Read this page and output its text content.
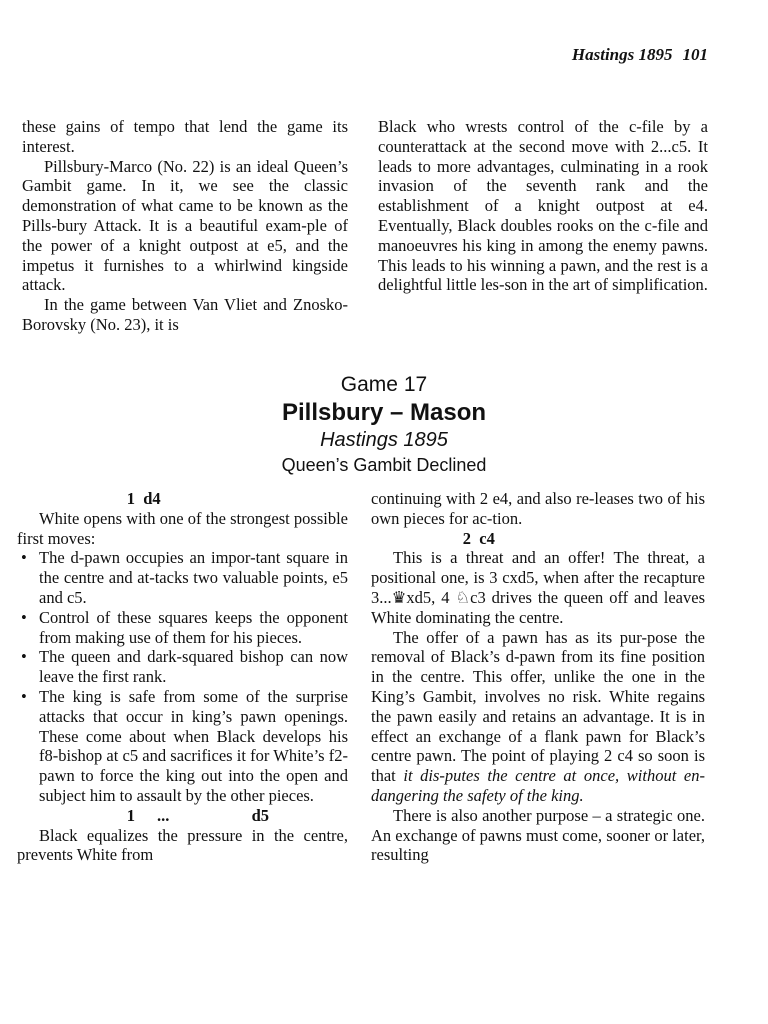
Hastings 1895 101

these gains of tempo that lend the game its interest.

Pillsbury-Marco (No. 22) is an ideal Queen’s Gambit game. In it, we see the classic demonstration of what came to be known as the Pills-bury Attack. It is a beautiful exam-ple of the power of a knight outpost at e5, and the impetus it furnishes to a whirlwind kingside attack.

In the game between Van Vliet and Znosko-Borovsky (No. 23), it is

Black who wrests control of the c-file by a counterattack at the second move with 2...c5. It leads to more advantages, culminating in a rook invasion of the seventh rank and the establishment of a knight outpost at e4. Eventually, Black doubles rooks on the c-file and manoeuvres his king in among the enemy pawns. This leads to his winning a pawn, and the rest is a delightful little les-son in the art of simplification.

Game 17
Pillsbury – Mason
Hastings 1895
Queen’s Gambit Declined

1 d4

White opens with one of the strongest possible first moves:

• The d-pawn occupies an impor-tant square in the centre and at-tacks two valuable points, e5 and c5.
• Control of these squares keeps the opponent from making use of them for his pieces.
• The queen and dark-squared bishop can now leave the first rank.
• The king is safe from some of the surprise attacks that occur in king’s pawn openings. These come about when Black develops his f8-bishop at c5 and sacrifices it for White’s f2-pawn to force the king out into the open and subject him to assault by the other pieces.

1 ...	d5

Black equalizes the pressure in the centre, prevents White from

continuing with 2 e4, and also re-leases two of his own pieces for ac-tion.

2 c4

This is a threat and an offer! The threat, a positional one, is 3 cxd5, when after the recapture 3...♛xd5, 4 ♘c3 drives the queen off and leaves White dominating the centre.

The offer of a pawn has as its pur-pose the removal of Black’s d-pawn from its fine position in the centre. This offer, unlike the one in the King’s Gambit, involves no risk. White regains the pawn easily and retains an advantage. It is in effect an exchange of a flank pawn for Black’s centre pawn. The point of playing 2 c4 so soon is that it dis-putes the centre at once, without en-dangering the safety of the king.

There is also another purpose – a strategic one. An exchange of pawns must come, sooner or later, resulting
